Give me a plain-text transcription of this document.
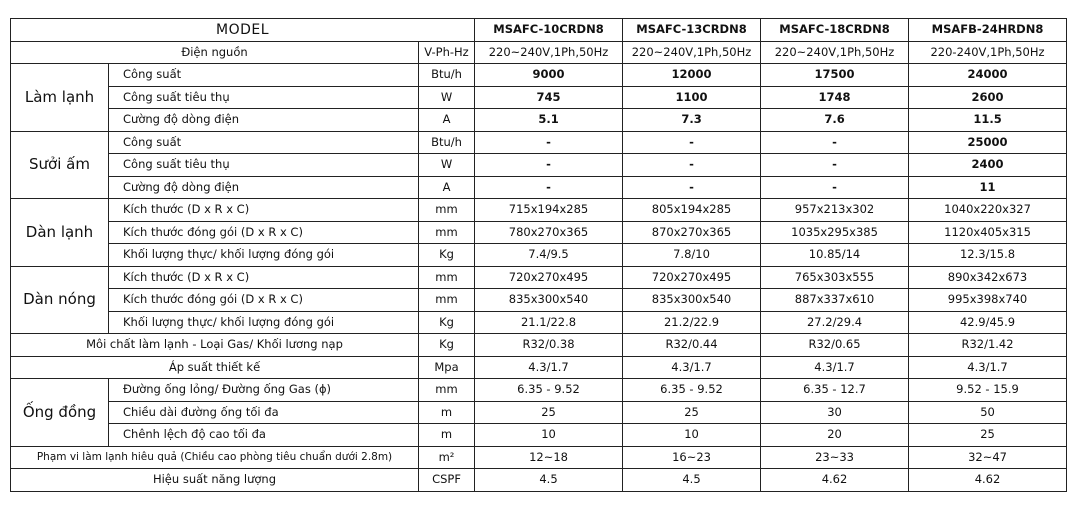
MODEL			MSAFC-10CRDN8	MSAFC-13CRDN8	MSAFC-18CRDN8	MSAFB-24HRDN8
Điện nguồn		V-Ph-Hz	220~240V,1Ph,50Hz	220~240V,1Ph,50Hz	220~240V,1Ph,50Hz	220-240V,1Ph,50Hz
Làm lạnh	Công suất	Btu/h	9000	12000	17500	24000
	Công suất tiêu thụ	W	745	1100	1748	2600
	Cường độ dòng điện	A	5.1	7.3	7.6	11.5
Sưởi ấm	Công suất	Btu/h	-	-	-	25000
	Công suất tiêu thụ	W	-	-	-	2400
	Cường độ dòng điện	A	-	-	-	11
Dàn lạnh	Kích thước (D x R x C)	mm	715x194x285	805x194x285	957x213x302	1040x220x327
	Kích thước đóng gói (D x R x C)	mm	780x270x365	870x270x365	1035x295x385	1120x405x315
	Khối lượng thực/ khối lượng đóng gói	Kg	7.4/9.5	7.8/10	10.85/14	12.3/15.8
Dàn nóng	Kích thước (D x R x C)	mm	720x270x495	720x270x495	765x303x555	890x342x673
	Kích thước đóng gói (D x R x C)	mm	835x300x540	835x300x540	887x337x610	995x398x740
	Khối lượng thực/ khối lượng đóng gói	Kg	21.1/22.8	21.2/22.9	27.2/29.4	42.9/45.9
Môi chất làm lạnh - Loại Gas/ Khối lương nạp		Kg	R32/0.38	R32/0.44	R32/0.65	R32/1.42
Áp suất thiết kế		Mpa	4.3/1.7	4.3/1.7	4.3/1.7	4.3/1.7
Ống đồng	Đường ống lỏng/ Đường ống Gas (ϕ)	mm	6.35 - 9.52	6.35 - 9.52	6.35 - 12.7	9.52 - 15.9
	Chiều dài đường ống tối đa	m	25	25	30	50
	Chênh lệch độ cao tối đa	m	10	10	20	25
Phạm vi làm lạnh hiêu quả (Chiều cao phòng tiêu chuẩn dưới 2.8m)		m²	12~18	16~23	23~33	32~47
Hiệu suất năng lượng		CSPF	4.5	4.5	4.62	4.62
